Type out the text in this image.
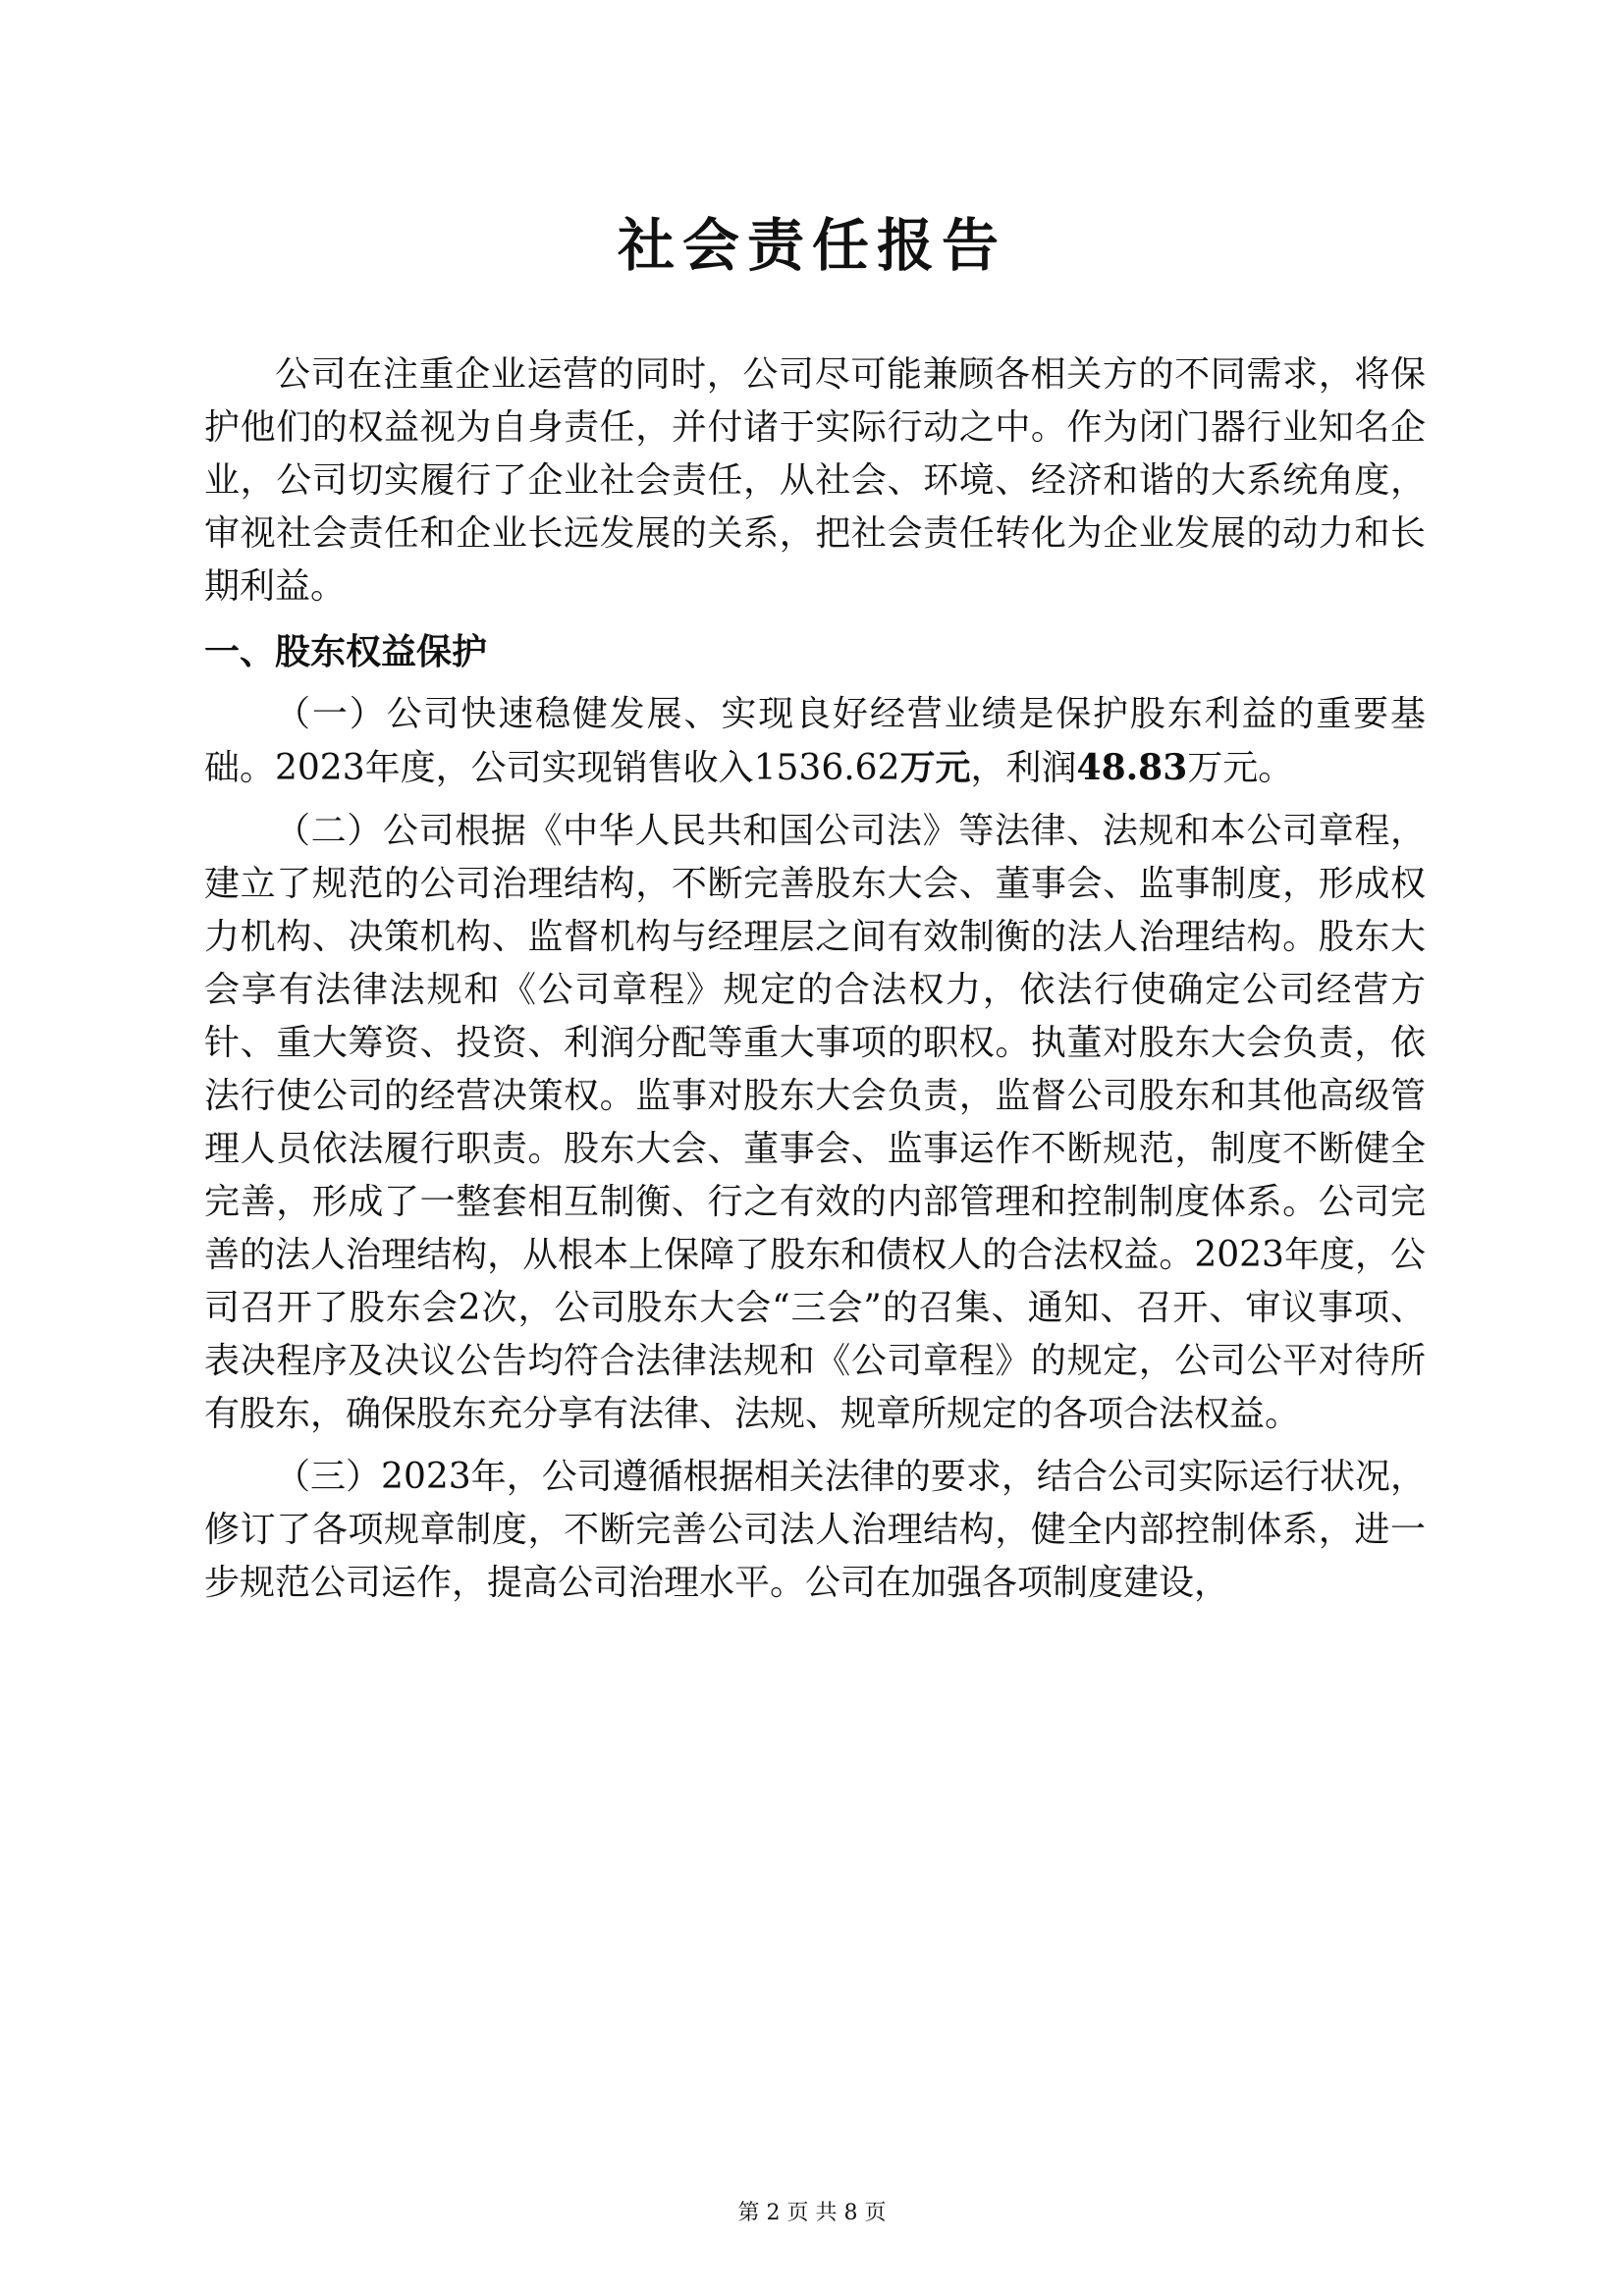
社会责任报告

公司在注重企业运营的同时，公司尽可能兼顾各相关方的不同需求，将保护他们的权益视为自身责任，并付诸于实际行动之中。作为闭门器行业知名企业，公司切实履行了企业社会责任，从社会、环境、经济和谐的大系统角度，审视社会责任和企业长远发展的关系，把社会责任转化为企业发展的动力和长期利益。

一、股东权益保护

（一）公司快速稳健发展、实现良好经营业绩是保护股东利益的重要基础。2023年度，公司实现销售收入1536.62万元，利润48.83万元。

（二）公司根据《中华人民共和国公司法》等法律、法规和本公司章程，建立了规范的公司治理结构，不断完善股东大会、董事会、监事制度，形成权力机构、决策机构、监督机构与经理层之间有效制衡的法人治理结构。股东大会享有法律法规和《公司章程》规定的合法权力，依法行使确定公司经营方针、重大筹资、投资、利润分配等重大事项的职权。执董对股东大会负责，依法行使公司的经营决策权。监事对股东大会负责，监督公司股东和其他高级管理人员依法履行职责。股东大会、董事会、监事运作不断规范，制度不断健全完善，形成了一整套相互制衡、行之有效的内部管理和控制制度体系。公司完善的法人治理结构，从根本上保障了股东和债权人的合法权益。2023年度，公司召开了股东会2次，公司股东大会“三会”的召集、通知、召开、审议事项、表决程序及决议公告均符合法律法规和《公司章程》的规定，公司公平对待所有股东，确保股东充分享有法律、法规、规章所规定的各项合法权益。

（三）2023年，公司遵循根据相关法律的要求，结合公司实际运行状况，修订了各项规章制度，不断完善公司法人治理结构，健全内部控制体系，进一步规范公司运作，提高公司治理水平。公司在加强各项制度建设，

第 2 页 共 8 页
